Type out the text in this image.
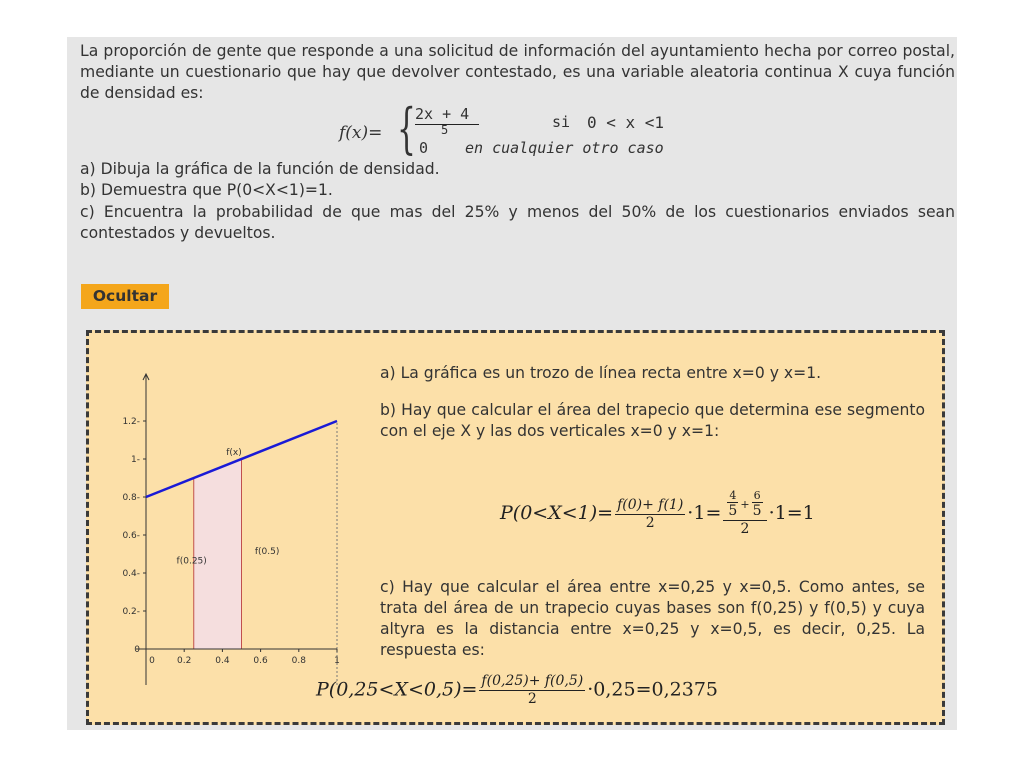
La proporción de gente que responde a una solicitud de información del ayuntamiento hecha por correo postal, mediante un cuestionario que hay que devolver contestado, es una variable aleatoria continua X cuya función de densidad es:
f(x)= { 2x + 4
5	si 0 < x <1
0 en cualquier otro caso
a) Dibuja la gráfica de la función de densidad.
b) Demuestra que P(0<X<1)=1.
c) Encuentra la probabilidad de que mas del 25% y menos del 50% de los cuestionarios enviados sean contestados y devueltos.
Ocultar
0
0.2-
0.4-
0.6-
0.8-
1-
1.2-
0 0.2	0.4	0.6	0.8	1
f(x)
f(0.25)
f(0.5)
a) La gráfica es un trozo de línea recta entre x=0 y x=1.
b) Hay que calcular el área del trapecio que determina ese segmento con el eje X y las dos verticales x=0 y x=1:
$P(0<X<1)= \frac{f(0)+ f(1)}{2} \cdot 1= \frac{\frac{4}{5} + \frac{6}{5}}{2} \cdot 1=1$
c) Hay que calcular el área entre x=0,25 y x=0,5. Como antes, se trata del área de un trapecio cuyas bases son f(0,25) y f(0,5) y cuya altyra es la distancia entre x=0,25 y x=0,5, es decir, 0,25. La respuesta es:
$P(0,25<X<0,5)= \frac{f(0,25)+ f(0,5)}{2} \cdot 0,25=0,2375$
